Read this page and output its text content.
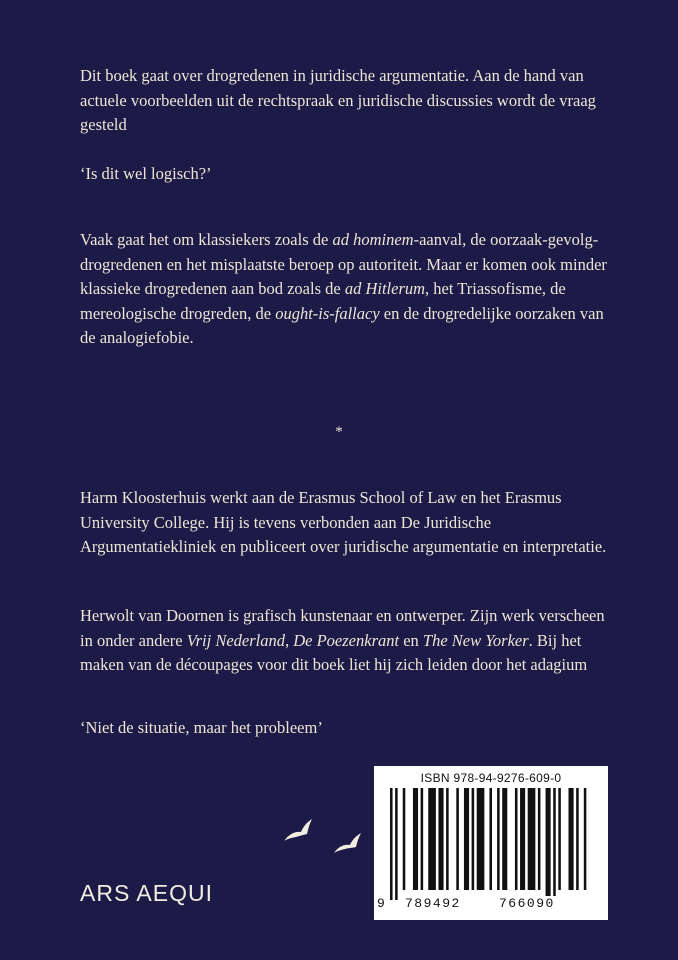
Dit boek gaat over drogredenen in juridische argumentatie. Aan de hand van actuele voorbeelden uit de rechtspraak en juridische discussies wordt de vraag gesteld

‘Is dit wel logisch?’

Vaak gaat het om klassiekers zoals de ad hominem-aanval, de oorzaak-gevolg-drogredenen en het misplaatste beroep op autoriteit. Maar er komen ook minder klassieke drogredenen aan bod zoals de ad Hitlerum, het Triassofisme, de mereologische drogreden, de ought-is-fallacy en de drogredelijke oorzaken van de analogiefobie.

*

Harm Kloosterhuis werkt aan de Erasmus School of Law en het Erasmus University College. Hij is tevens verbonden aan De Juridische Argumentatiekliniek en publiceert over juridische argumentatie en interpretatie.

Herwolt van Doornen is grafisch kunstenaar en ontwerper. Zijn werk verscheen in onder andere Vrij Nederland, De Poezenkrant en The New Yorker. Bij het maken van de découpages voor dit boek liet hij zich leiden door het adagium

‘Niet de situatie, maar het probleem’

ARS AEQUI
ISBN 978-94-9276-609-0
9 789492	766090
